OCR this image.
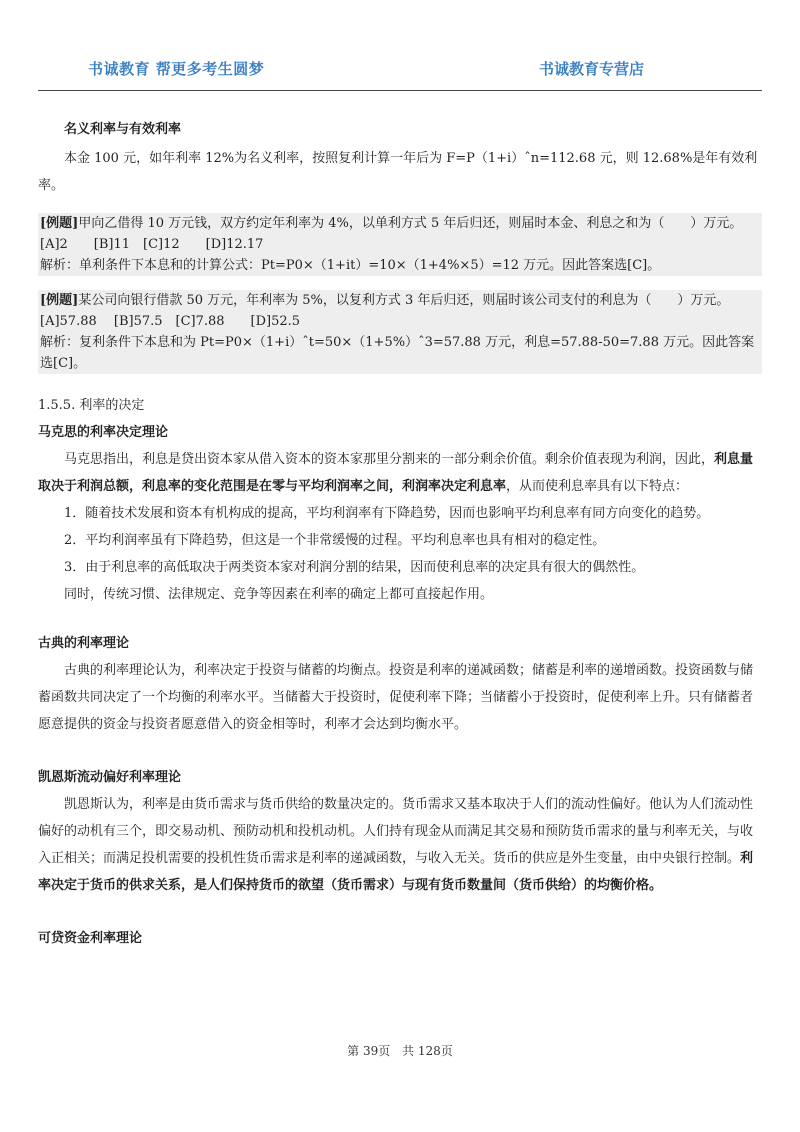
书诚教育 帮更多考生圆梦	书诚教育专营店

名义利率与有效利率

本金 100 元，如年利率 12%为名义利率，按照复利计算一年后为 F=P（1+i）ˆn=112.68 元，则 12.68%是年有效利率。

[例题]甲向乙借得 10 万元钱，双方约定年利率为 4%，以单利方式 5 年后归还，则届时本金、利息之和为（　　）万元。
[A]2　　[B]11　[C]12　　[D]12.17
解析：单利条件下本息和的计算公式：Pt=P0×（1+it）=10×（1+4%×5）=12 万元。因此答案选[C]。
[例题]某公司向银行借款 50 万元，年利率为 5%，以复利方式 3 年后归还，则届时该公司支付的利息为（　　）万元。
[A]57.88　 [B]57.5　[C]7.88　　[D]52.5
解析：复利条件下本息和为 Pt=P0×（1+i）ˆt=50×（1+5%）ˆ3=57.88 万元，利息=57.88-50=7.88 万元。因此答案选[C]。

1.5.5. 利率的决定

马克思的利率决定理论

马克思指出，利息是贷出资本家从借入资本的资本家那里分割来的一部分剩余价值。剩余价值表现为利润，因此，利息量取决于利润总额，利息率的变化范围是在零与平均利润率之间，利润率决定利息率，从而使利息率具有以下特点：

1．随着技术发展和资本有机构成的提高，平均利润率有下降趋势，因而也影响平均利息率有同方向变化的趋势。

2．平均利润率虽有下降趋势，但这是一个非常缓慢的过程。平均利息率也具有相对的稳定性。

3．由于利息率的高低取决于两类资本家对利润分割的结果，因而使利息率的决定具有很大的偶然性。

同时，传统习惯、法律规定、竞争等因素在利率的确定上都可直接起作用。

古典的利率理论

古典的利率理论认为，利率决定于投资与储蓄的均衡点。投资是利率的递减函数；储蓄是利率的递增函数。投资函数与储蓄函数共同决定了一个均衡的利率水平。当储蓄大于投资时，促使利率下降；当储蓄小于投资时，促使利率上升。只有储蓄者愿意提供的资金与投资者愿意借入的资金相等时，利率才会达到均衡水平。

凯恩斯流动偏好利率理论

凯恩斯认为，利率是由货币需求与货币供给的数量决定的。货币需求又基本取决于人们的流动性偏好。他认为人们流动性偏好的动机有三个，即交易动机、预防动机和投机动机。人们持有现金从而满足其交易和预防货币需求的量与利率无关，与收入正相关；而满足投机需要的投机性货币需求是利率的递减函数，与收入无关。货币的供应是外生变量，由中央银行控制。利率决定于货币的供求关系，是人们保持货币的欲望（货币需求）与现有货币数量间（货币供给）的均衡价格。

可贷资金利率理论

第 39页 共 128页
